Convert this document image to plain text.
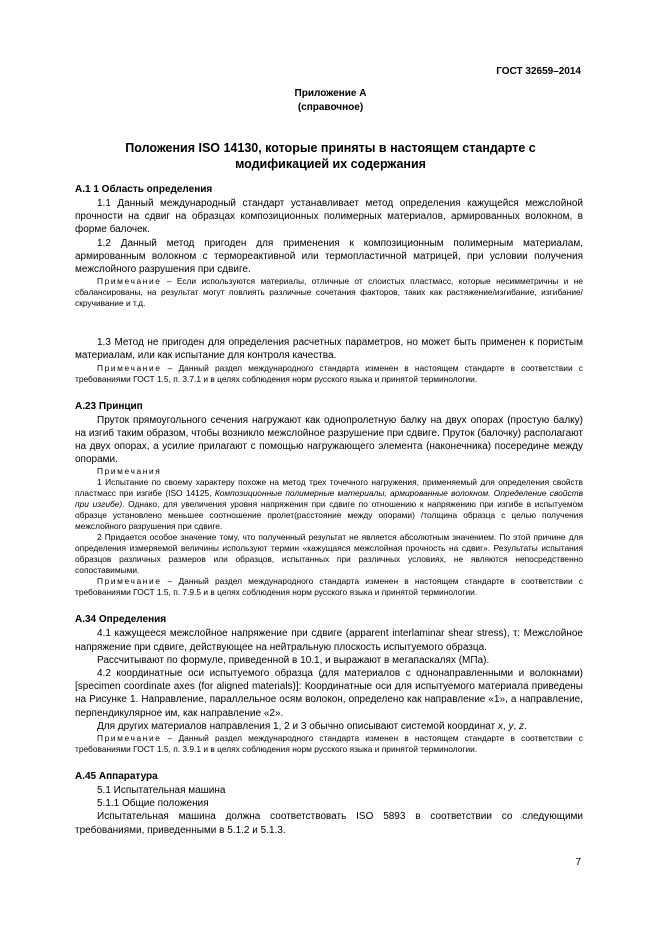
ГОСТ 32659–2014
Приложение А
(справочное)
Положения ISO 14130, которые приняты в настоящем стандарте с
модификацией их содержания
А.1 1 Область определения

1.1 Данный международный стандарт устанавливает метод определения кажущейся межслойной прочности на сдвиг на образцах композиционных полимерных материалов, армированных волокном, в форме балочек.

1.2 Данный метод пригоден для применения к композиционным полимерным материалам, армированным волокном с термореактивной или термопластичной матрицей, при условии получения межслойного разрушения при сдвиге.

Примечание – Если используются материалы, отличные от слоистых пластмасс, которые несимметричны и не сбалансированы, на результат могут повлиять различные сочетания факторов, таких как растяжение/изгибание, изгибание/скручивание и т.д.

1.3 Метод не пригоден для определения расчетных параметров, но может быть применен к пористым материалам, или как испытание для контроля качества.

Примечание – Данный раздел международного стандарта изменен в настоящем стандарте в соответствии с требованиями ГОСТ 1.5, п. 3.7.1 и в целях соблюдения норм русского языка и принятой терминологии.

А.23 Принцип

Пруток прямоугольного сечения нагружают как однопролетную балку на двух опорах (простую балку) на изгиб таким образом, чтобы возникло межслойное разрушение при сдвиге. Пруток (балочку) располагают на двух опорах, а усилие прилагают с помощью нагружающего элемента (наконечника) посередине между опорами.

Примечания

1 Испытание по своему характеру похоже на метод трех точечного нагружения, применяемый для определения свойств пластмасс при изгибе (ISO 14125, Композиционные полимерные материалы, армированные волокном. Определение свойств при изгибе). Однако, для увеличения уровня напряжения при сдвиге по отношению к напряжению при изгибе в испытуемом образце установлено меньшее соотношение пролет(расстояние между опорами) /толщина образца с целью получения межслойного разрушения при сдвиге.

2 Придается особое значение тому, что полученный результат не является абсолютным значением. По этой причине для определения измеряемой величины используют термин «кажущаяся межслойная прочность на сдвиг». Результаты испытания образцов различных размеров или образцов, испытанных при различных условиях, не являются непосредственно сопоставимыми.

Примечание – Данный раздел международного стандарта изменен в настоящем стандарте в соответствии с требованиями ГОСТ 1.5, п. 7.9.5 и в целях соблюдения норм русского языка и принятой терминологии.

А.34 Определения

4.1 кажущееся межслойное напряжение при сдвиге (apparent interlaminar shear stress), τ: Межслойное напряжение при сдвиге, действующее на нейтральную плоскость испытуемого образца.

Рассчитывают по формуле, приведенной в 10.1, и выражают в мегапаскалях (МПа).

4.2 координатные оси испытуемого образца (для материалов с однонаправленными и волокнами) [specimen coordinate axes (for aligned materials)]: Координатные оси для испытуемого материала приведены на Рисунке 1. Направление, параллельное осям волокон, определено как направление «1», а направление, перпендикулярное им, как направление «2».

Для других материалов направления 1, 2 и 3 обычно описывают системой координат x, y, z.

Примечание – Данный раздел международного стандарта изменен в настоящем стандарте в соответствии с требованиями ГОСТ 1.5, п. 3.9.1 и в целях соблюдения норм русского языка и принятой терминологии.

А.45 Аппаратура

5.1 Испытательная машина

5.1.1 Общие положения

Испытательная машина должна соответствовать ISO 5893 в соответствии со следующими требованиями, приведенными в 5.1.2 и 5.1.3.

7
